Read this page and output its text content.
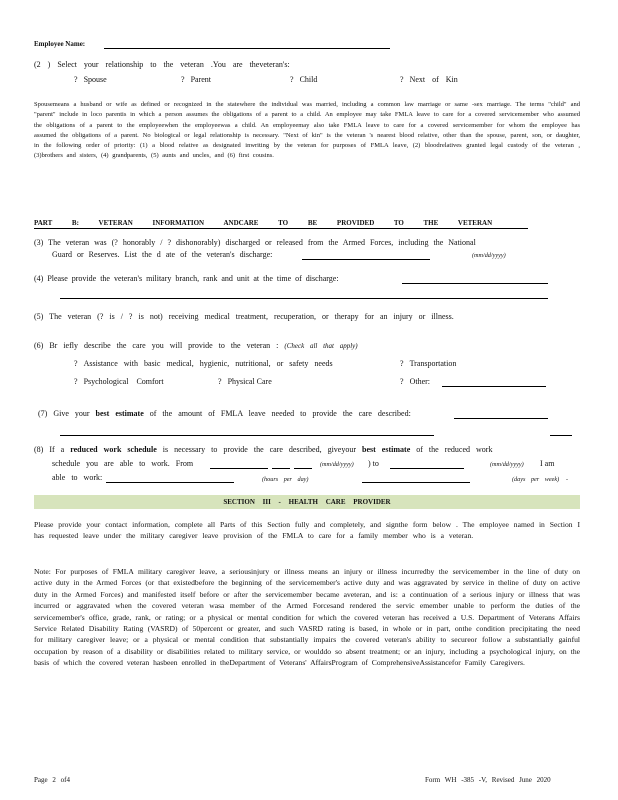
Employee Name:
(2 ) Select your relationship to the veteran .You are theveteran's:
? Spouse	? Parent	? Child	? Next of Kin
Spousemeans a husband or wife as defined or recognized in the statewhere the individual was married, including a common law marriage or same -sex marriage. The terms "child" and "parent" include in loco parentis in which a person assumes the obligations of a parent to a child. An employee may take FMLA leave to care for a covered servicemember who assumed the obligations of a parent to the employeewhen the employeewas a child. An employeemay also take FMLA leave to care for a covered servicemember for whom the employee has assumed the obligations of a parent. No biological or legal relationship is necessary. "Next of kin" is the veteran 's nearest blood relative, other than the spouse, parent, son, or daughter, in the following order of priority: (1) a blood relative as designated inwriting by the veteran for purposes of FMLA leave, (2) bloodrelatives granted legal custody of the veteran , (3)brothers and sisters, (4) grandparents, (5) aunts and uncles, and (6) first cousins.
PART B: VETERAN INFORMATION ANDCARE TO BE PROVIDED TO THE VETERAN
(3) The veteran was (? honorably / ? dishonorably) discharged or released from the Armed Forces, including the National
Guard or Reserves. List the d ate of the veteran's discharge:	(mm/dd/yyyy)
(4) Please provide the veteran's military branch, rank and unit at the time of discharge:
(5) The veteran (? is / ? is not) receiving medical treatment, recuperation, or therapy for an injury or illness.
(6) Br iefly describe the care you will provide to the veteran : (Check all that apply)
? Assistance with basic medical, hygienic, nutritional, or safety needs	? Transportation
? Psychological Comfort	? Physical Care	? Other:
(7) Give your best estimate of the amount of FMLA leave needed to provide the care described:
(8) If a reduced work schedule is necessary to provide the care described, giveyour best estimate of the reduced work
schedule you are able to work. From	(mm/dd/yyyy) ) to	(mm/dd/yyyy) I am
able to work:	(hours per day)	(days per week) .
SECTION III - HEALTH CARE PROVIDER
Please provide your contact information, complete all Parts of this Section fully and completely, and signthe form below . The employee named in Section I has requested leave under the military caregiver leave provision of the FMLA to care for a family member who is a veteran.
Note: For purposes of FMLA military caregiver leave, a seriousinjury or illness means an injury or illness incurredby the servicemember in the line of duty on active duty in the Armed Forces (or that existedbefore the beginning of the servicemember's active duty and was aggravated by service in theline of duty on active duty in the Armed Forces) and manifested itself before or after the servicemember became aveteran, and is: a continuation of a serious injury or illness that was incurred or aggravated when the covered veteran wasa member of the Armed Forcesand rendered the servic emember unable to perform the duties of the servicemember's office, grade, rank, or rating; or a physical or mental condition for which the covered veteran has received a U.S. Department of Veterans Affairs Service Related Disability Rating (VASRD) of 50percent or greater, and such VASRD rating is based, in whole or in part, onthe condition precipitating the need for military caregiver leave; or a physical or mental condition that substantially impairs the covered veteran's ability to secureor follow a substantially gainful occupation by reason of a disability or disabilities related to military service, or woulddo so absent treatment; or an injury, including a psychological injury, on the basis of which the covered veteran hasbeen enrolled in theDepartment of Veterans' AffairsProgram of ComprehensiveAssistancefor Family Caregivers.
Page 2 of4	Form WH -385 -V, Revised June 2020
